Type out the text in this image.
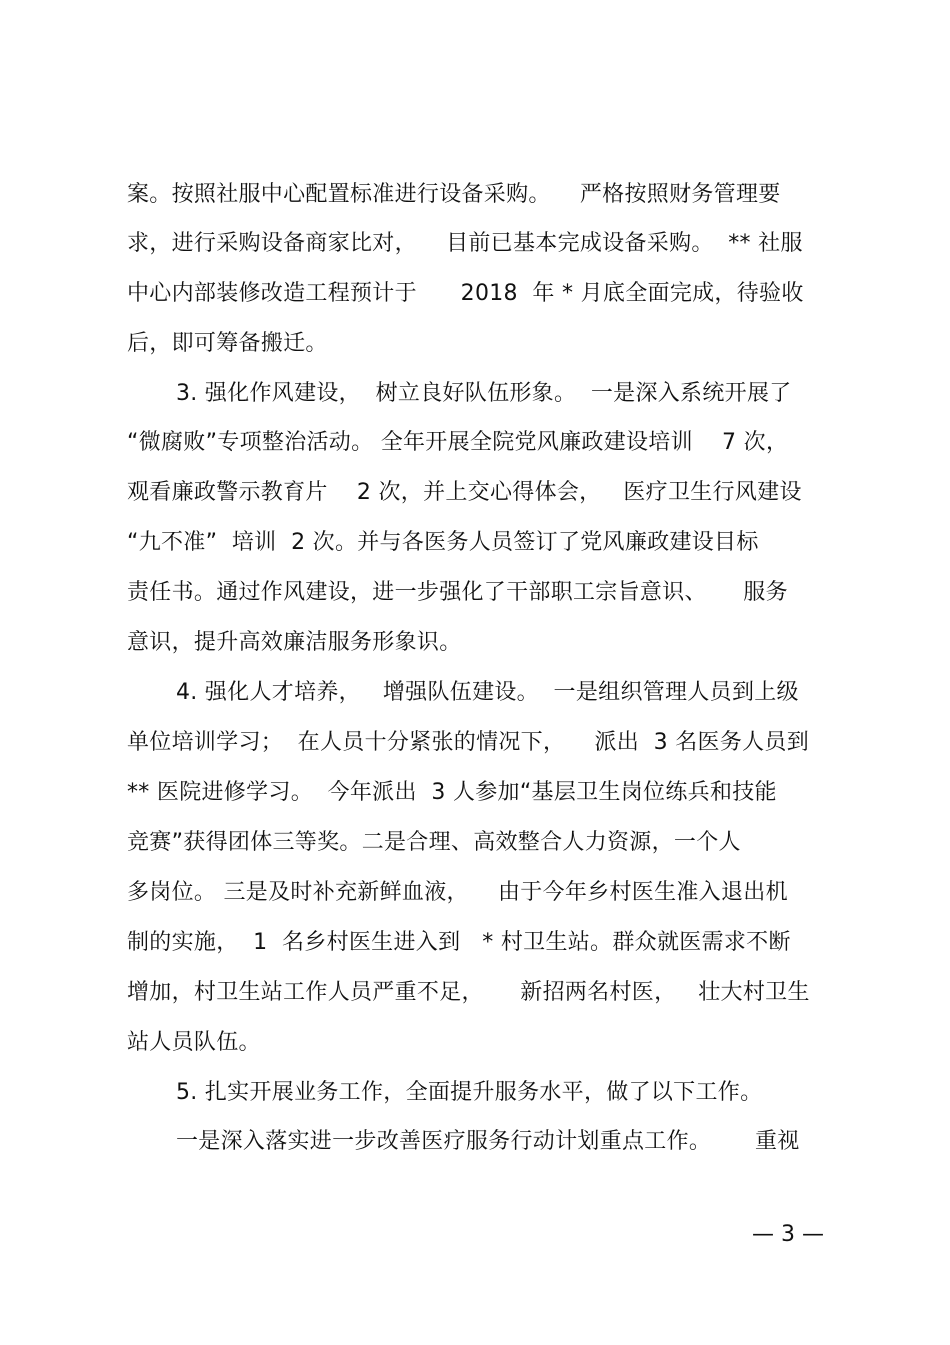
案。按照社服中心配置标准进行设备采购。    严格按照财务管理要
求，进行采购设备商家比对，    目前已基本完成设备采购。  ** 社服
中心内部装修改造工程预计于      2018  年 * 月底全面完成，待验收
后，即可筹备搬迁。
3. 强化作风建设，  树立良好队伍形象。  一是深入系统开展了
“微腐败”专项整治活动。 全年开展全院党风廉政建设培训    7 次，
观看廉政警示教育片    2 次，并上交心得体会，   医疗卫生行风建设
“九不准”  培训  2 次。并与各医务人员签订了党风廉政建设目标
责任书。通过作风建设，进一步强化了干部职工宗旨意识、     服务
意识，提升高效廉洁服务形象识。
4. 强化人才培养，   增强队伍建设。  一是组织管理人员到上级
单位培训学习；  在人员十分紧张的情况下，    派出  3 名医务人员到
** 医院进修学习。  今年派出  3 人参加“基层卫生岗位练兵和技能
竞赛”获得团体三等奖。二是合理、高效整合人力资源，一个人
多岗位。 三是及时补充新鲜血液，    由于今年乡村医生准入退出机
制的实施，  1  名乡村医生进入到   * 村卫生站。群众就医需求不断
增加，村卫生站工作人员严重不足，     新招两名村医，   壮大村卫生
站人员队伍。
5. 扎实开展业务工作，全面提升服务水平，做了以下工作。
一是深入落实进一步改善医疗服务行动计划重点工作。      重视
— 3 —
